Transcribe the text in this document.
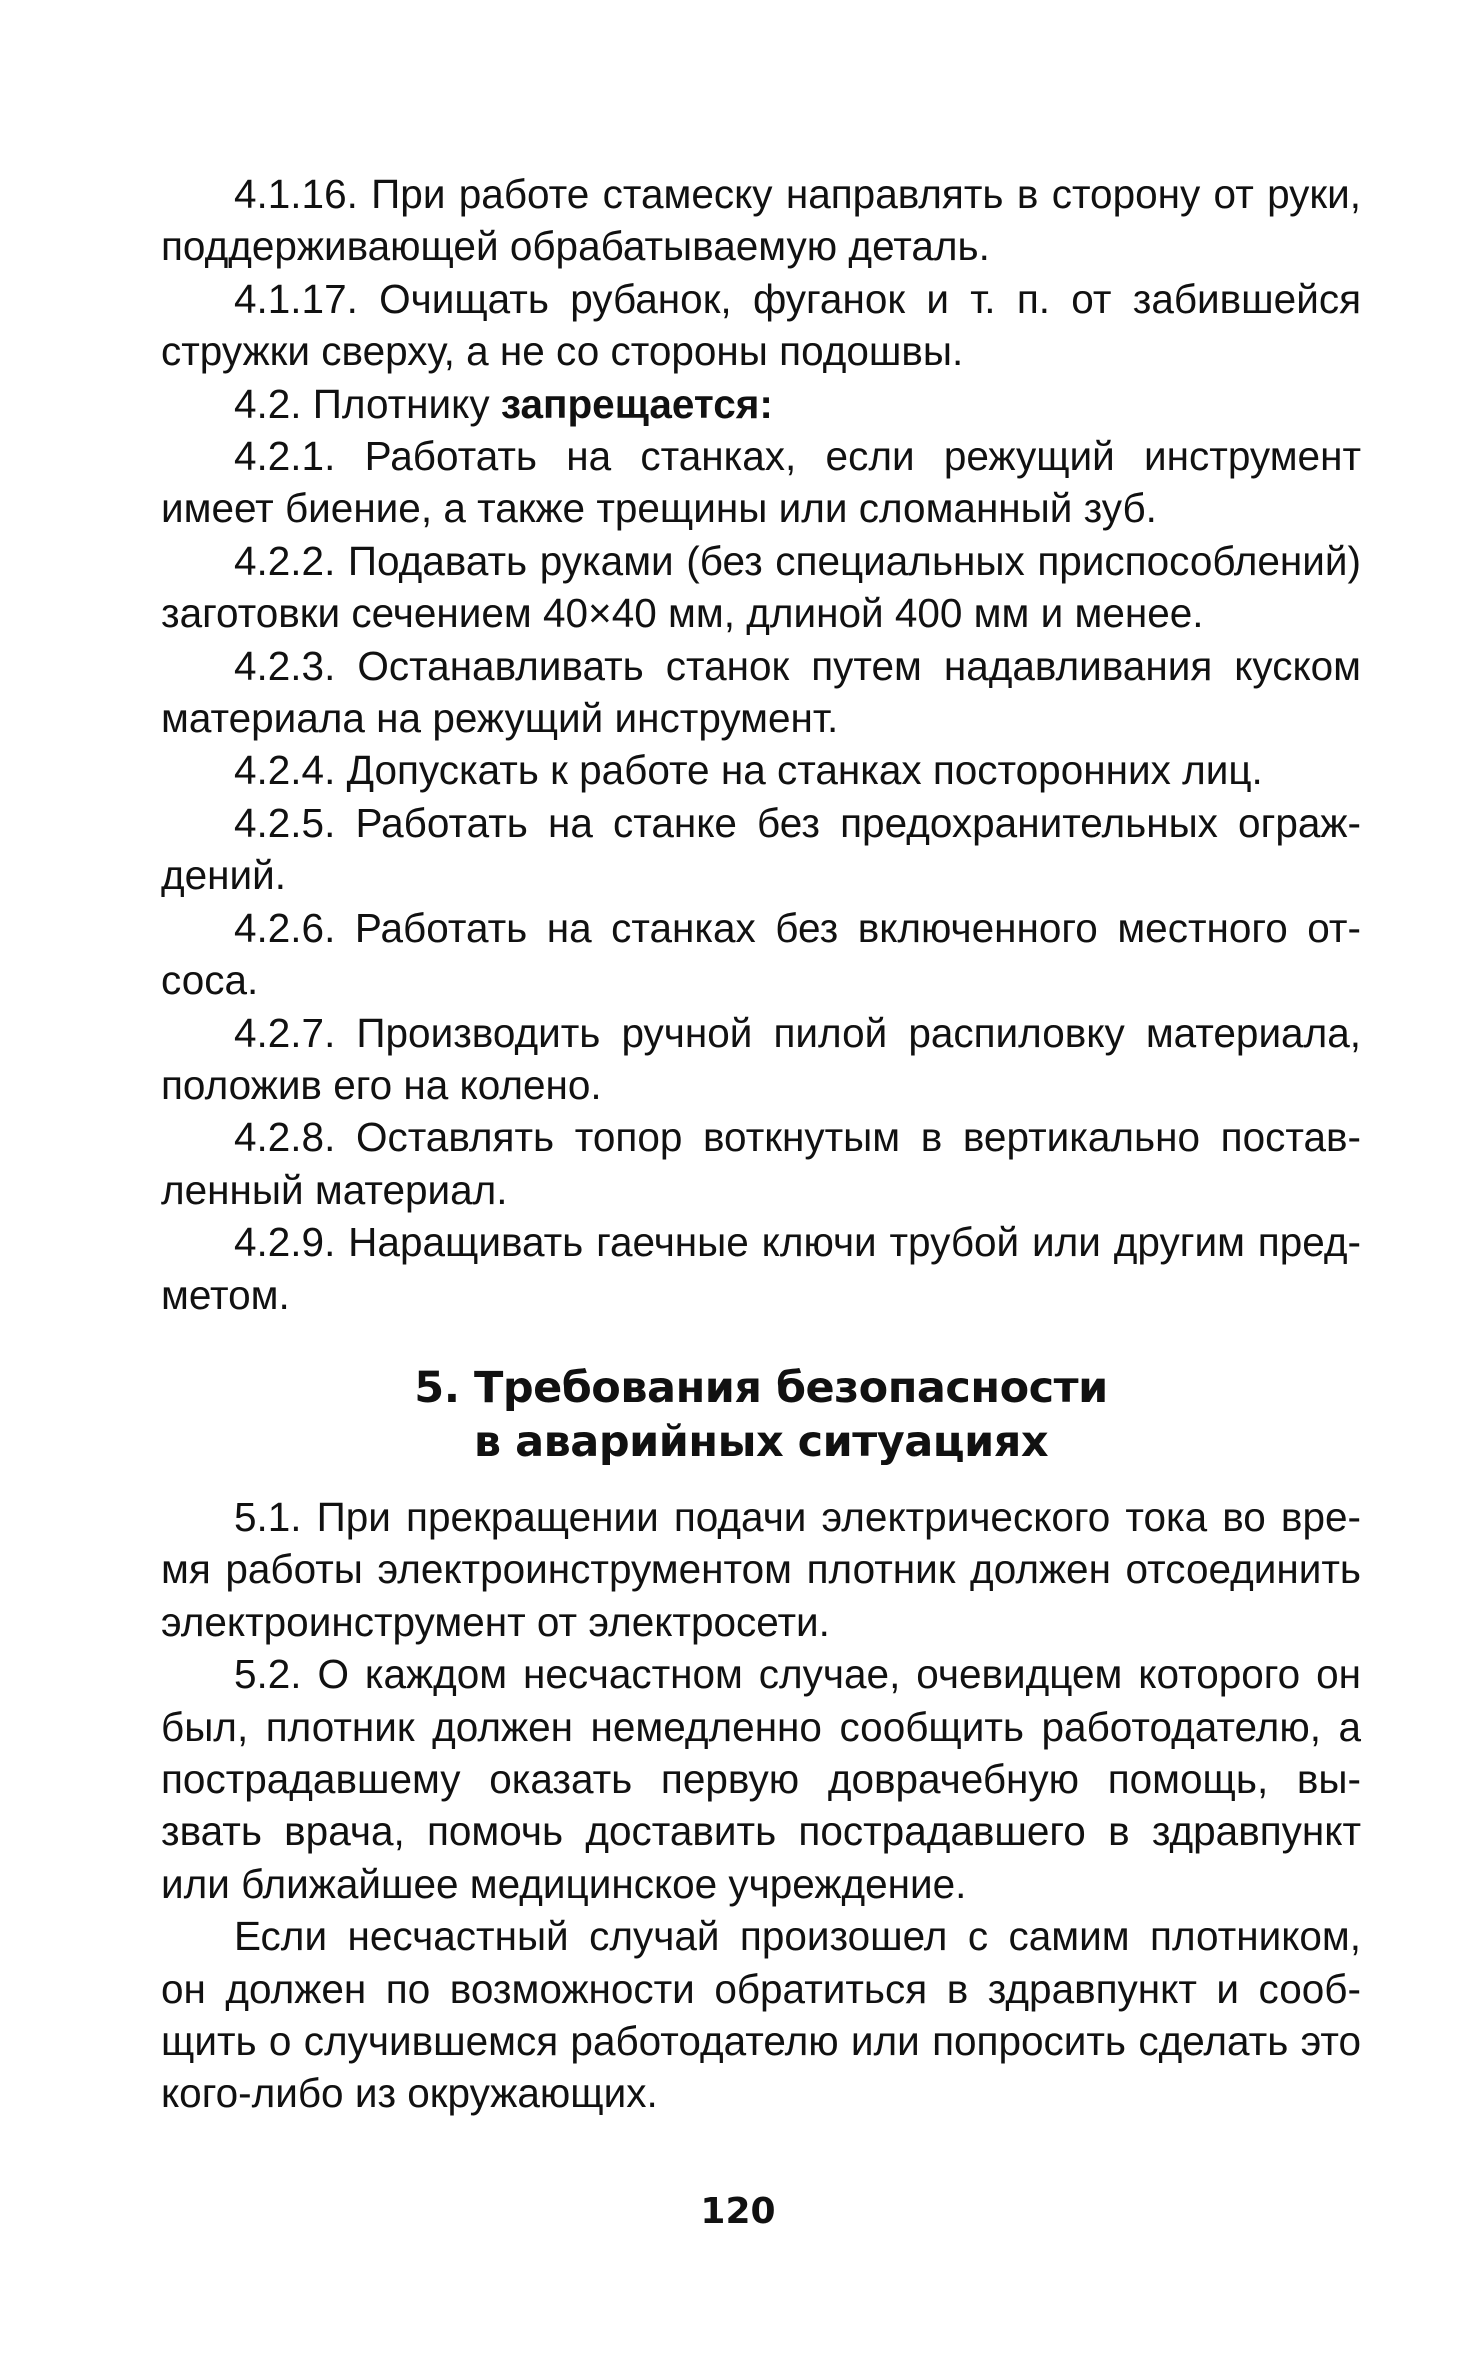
4.1.16. При работе стамеску направлять в сторону от руки, поддерживающей обрабатываемую деталь.

4.1.17. Очищать рубанок, фуганок и т. п. от забившейся стружки сверху, а не со стороны подошвы.

4.2. Плотнику запрещается:

4.2.1. Работать на станках, если режущий инструмент имеет биение, а также трещины или сломанный зуб.

4.2.2. Подавать руками (без специальных приспособлений) заготовки сечением 40×40 мм, длиной 400 мм и менее.

4.2.3. Останавливать станок путем надавливания куском материала на режущий инструмент.

4.2.4. Допускать к работе на станках посторонних лиц.

4.2.5. Работать на станке без предохранительных ограждений.

4.2.6. Работать на станках без включенного местного отсоса.

4.2.7. Производить ручной пилой распиловку материала, положив его на колено.

4.2.8. Оставлять топор воткнутым в вертикально поставленный материал.

4.2.9. Наращивать гаечные ключи трубой или другим предметом.

5. Требования безопасности
в аварийных ситуациях

5.1. При прекращении подачи электрического тока во время работы электроинструментом плотник должен отсоединить электроинструмент от электросети.

5.2. О каждом несчастном случае, очевидцем которого он был, плотник должен немедленно сообщить работодателю, а пострадавшему оказать первую доврачебную помощь, вызвать врача, помочь доставить пострадавшего в здравпункт или ближайшее медицинское учреждение.

Если несчастный случай произошел с самим плотником, он должен по возможности обратиться в здравпункт и сообщить о случившемся работодателю или попросить сделать это кого-либо из окружающих.

120
